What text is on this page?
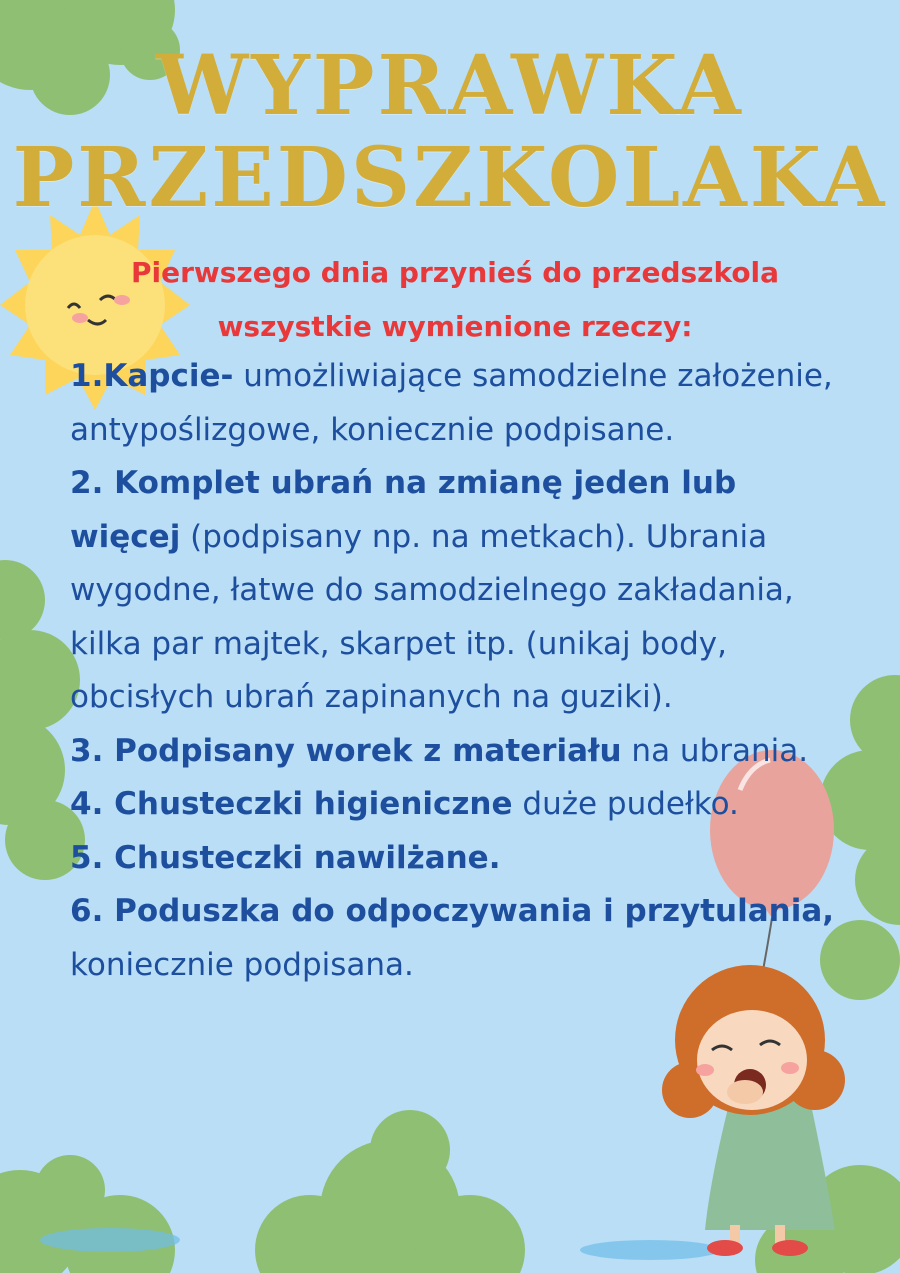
WYPRAWKA
PRZEDSZKOLAKA
Pierwszego dnia przynieś do przedszkola
wszystkie wymienione rzeczy:

1.Kapcie- umożliwiające samodzielne założenie, antypoślizgowe, koniecznie podpisane.

2. Komplet ubrań na zmianę jeden lub więcej (podpisany np. na metkach). Ubrania wygodne, łatwe do samodzielnego zakładania, kilka par majtek, skarpet itp. (unikaj body, obcisłych ubrań zapinanych na guziki).

3. Podpisany worek z materiału na ubrania.

4. Chusteczki higieniczne duże pudełko.

5. Chusteczki nawilżane.

6. Poduszka do odpoczywania i przytulania, koniecznie podpisana.
